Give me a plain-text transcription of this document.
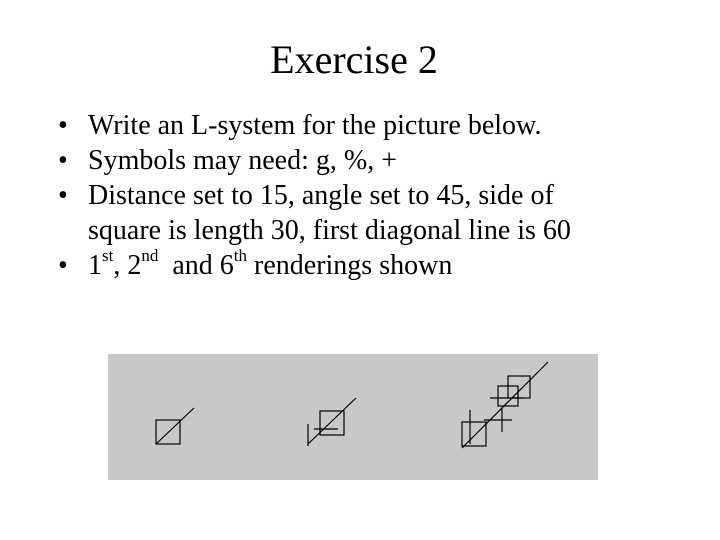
Exercise 2
• Write an L-system for the picture below.
• Symbols may need: g, %, +
• Distance set to 15, angle set to 45, side of
square is length 30, first diagonal line is 60
• 1st, 2nd  and 6th renderings shown
